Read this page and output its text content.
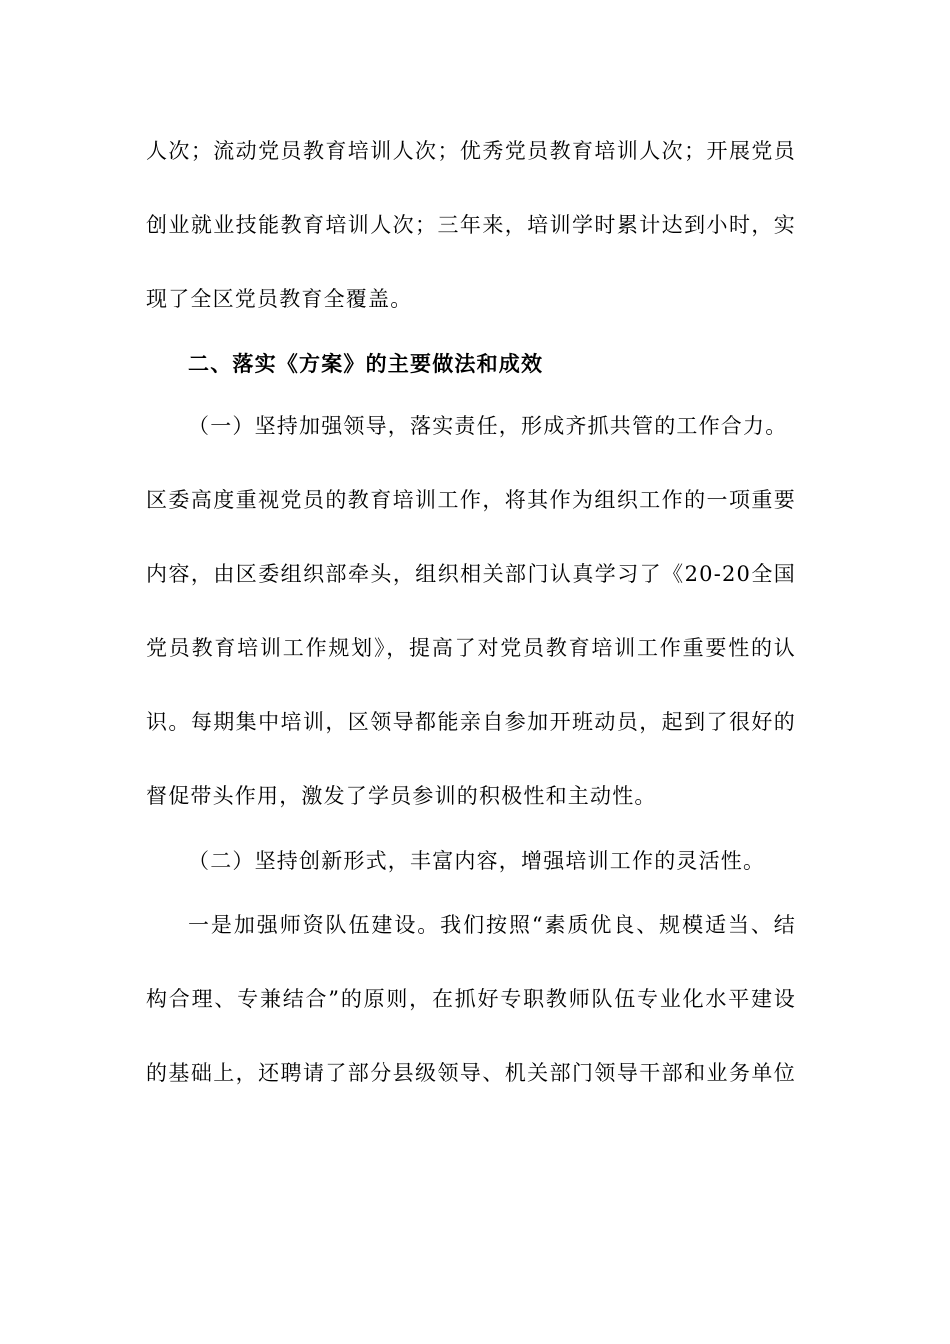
人次；流动党员教育培训人次；优秀党员教育培训人次；开展党员
创业就业技能教育培训人次；三年来，培训学时累计达到小时，实
现了全区党员教育全覆盖。
二、落实《方案》的主要做法和成效
（一）坚持加强领导，落实责任，形成齐抓共管的工作合力。
区委高度重视党员的教育培训工作，将其作为组织工作的一项重要
内容，由区委组织部牵头，组织相关部门认真学习了《20-20全国
党员教育培训工作规划》，提高了对党员教育培训工作重要性的认
识。每期集中培训，区领导都能亲自参加开班动员，起到了很好的
督促带头作用，激发了学员参训的积极性和主动性。
（二）坚持创新形式，丰富内容，增强培训工作的灵活性。
一是加强师资队伍建设。我们按照“素质优良、规模适当、结
构合理、专兼结合”的原则，在抓好专职教师队伍专业化水平建设
的基础上，还聘请了部分县级领导、机关部门领导干部和业务单位
